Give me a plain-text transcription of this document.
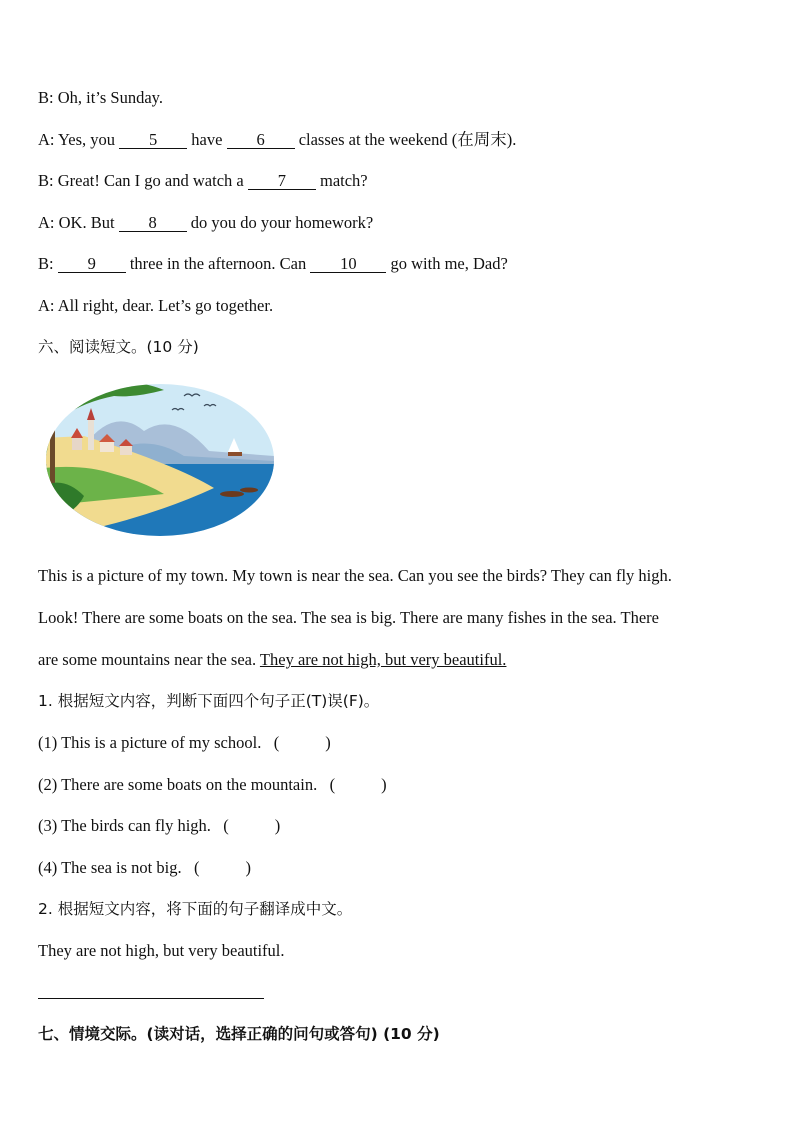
B: Oh, it’s Sunday.
A: Yes, you 5 have 6 classes at the weekend (在周末).
B: Great! Can I go and watch a 7 match?
A: OK. But 8 do you do your homework?
B: 9 three in the afternoon. Can 10 go with me, Dad?
A: All right, dear. Let’s go together.
六、阅读短文。(10 分)
This is a picture of my town. My town is near the sea. Can you see the birds? They can fly high.
Look! There are some boats on the sea. The sea is big. There are many fishes in the sea. There
are some mountains near the sea. They are not high, but very beautiful.
1. 根据短文内容，判断下面四个句子正(T)误(F)。
(1) This is a picture of my school.   (	)
(2) There are some boats on the mountain.   (	)
(3) The birds can fly high.   (	)
(4) The sea is not big.   (	)
2. 根据短文内容，将下面的句子翻译成中文。
They are not high, but very beautiful.
七、情境交际。(读对话，选择正确的问句或答句) (10 分)
